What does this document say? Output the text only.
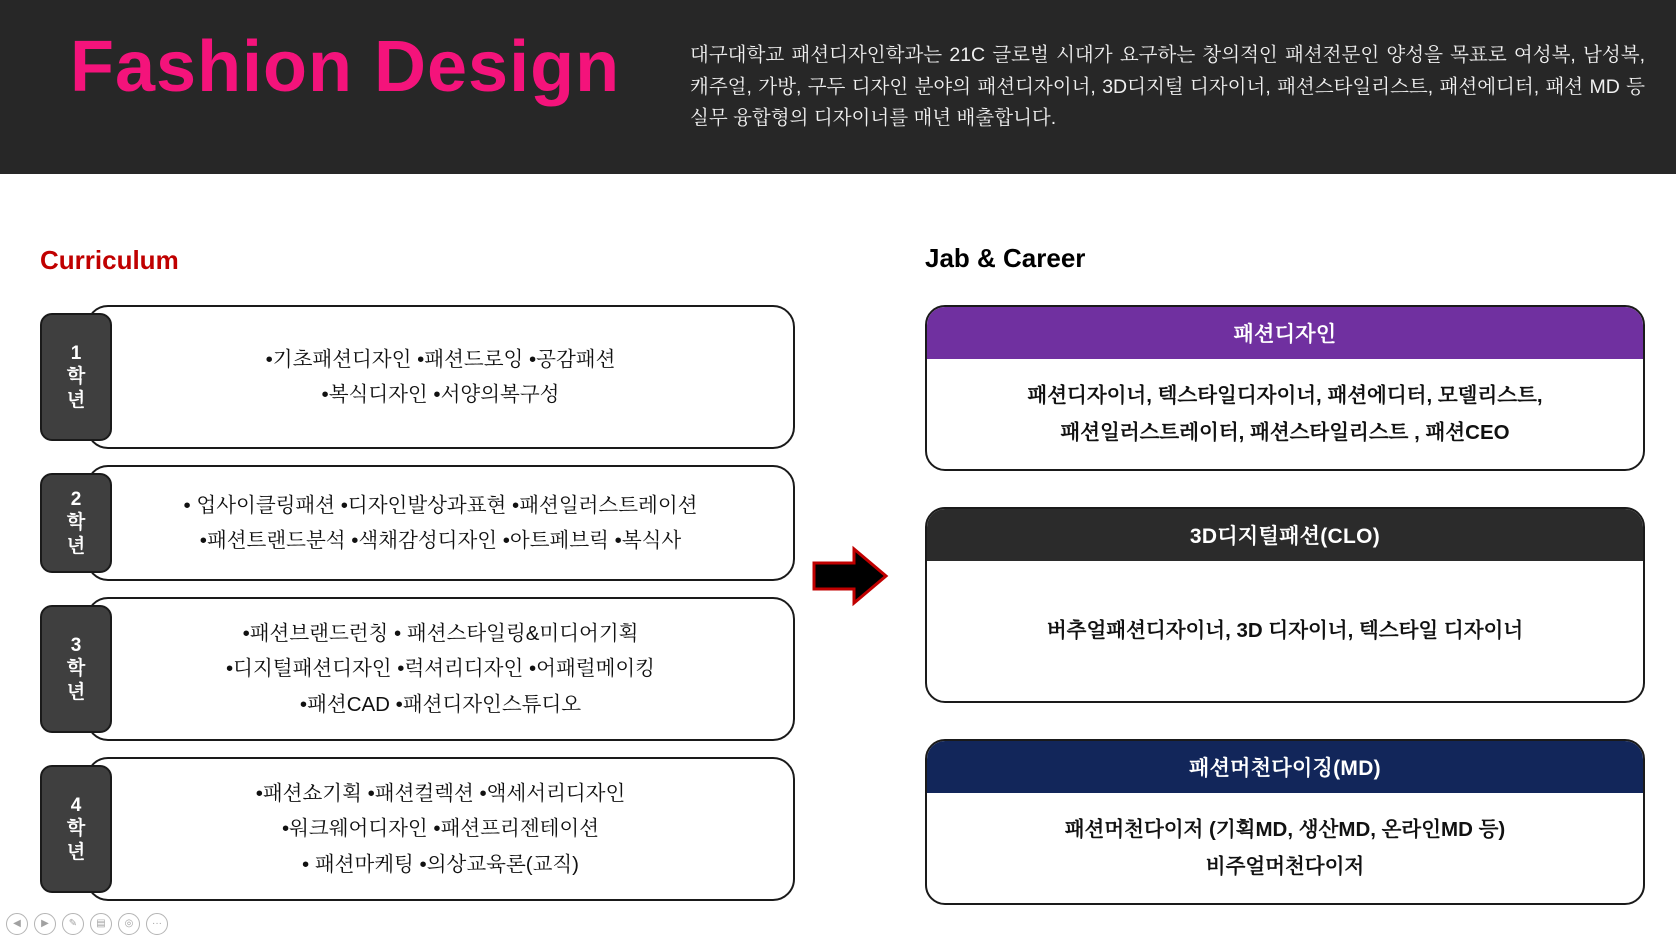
Fashion Design	대구대학교 패션디자인학과는 21C 글로벌 시대가 요구하는 창의적인 패션전문인 양성을 목표로 여성복, 남성복, 캐주얼, 가방, 구두 디자인 분야의 패션디자이너, 3D디지털 디자이너, 패션스타일리스트, 패션에디터, 패션 MD 등 실무 융합형의 디자이너를 매년 배출합니다.

Curriculum	Jab & Career
1
학
년
•기초패션디자인 •패션드로잉 •공감패션
•복식디자인 •서양의복구성
2
학
년
• 업사이클링패션 •디자인발상과표현 •패션일러스트레이션
•패션트랜드분석 •색채감성디자인 •아트페브릭 •복식사
3
학
년
•패션브랜드런칭 • 패션스타일링&미디어기획
•디지털패션디자인 •럭셔리디자인 •어패럴메이킹
•패션CAD •패션디자인스튜디오
4
학
년
•패션쇼기획 •패션컬렉션 •액세서리디자인
•워크웨어디자인 •패션프리젠테이션
• 패션마케팅 •의상교육론(교직)
패션디자인
패션디자이너, 텍스타일디자이너, 패션에디터, 모델리스트,
패션일러스트레이터, 패션스타일리스트 , 패션CEO
3D디지털패션(CLO)
버추얼패션디자이너, 3D 디자이너, 텍스타일 디자이너
패션머천다이징(MD)
패션머천다이저 (기획MD, 생산MD, 온라인MD 등)
비주얼머천다이저
◀	▶	✎	▤	◎	···
